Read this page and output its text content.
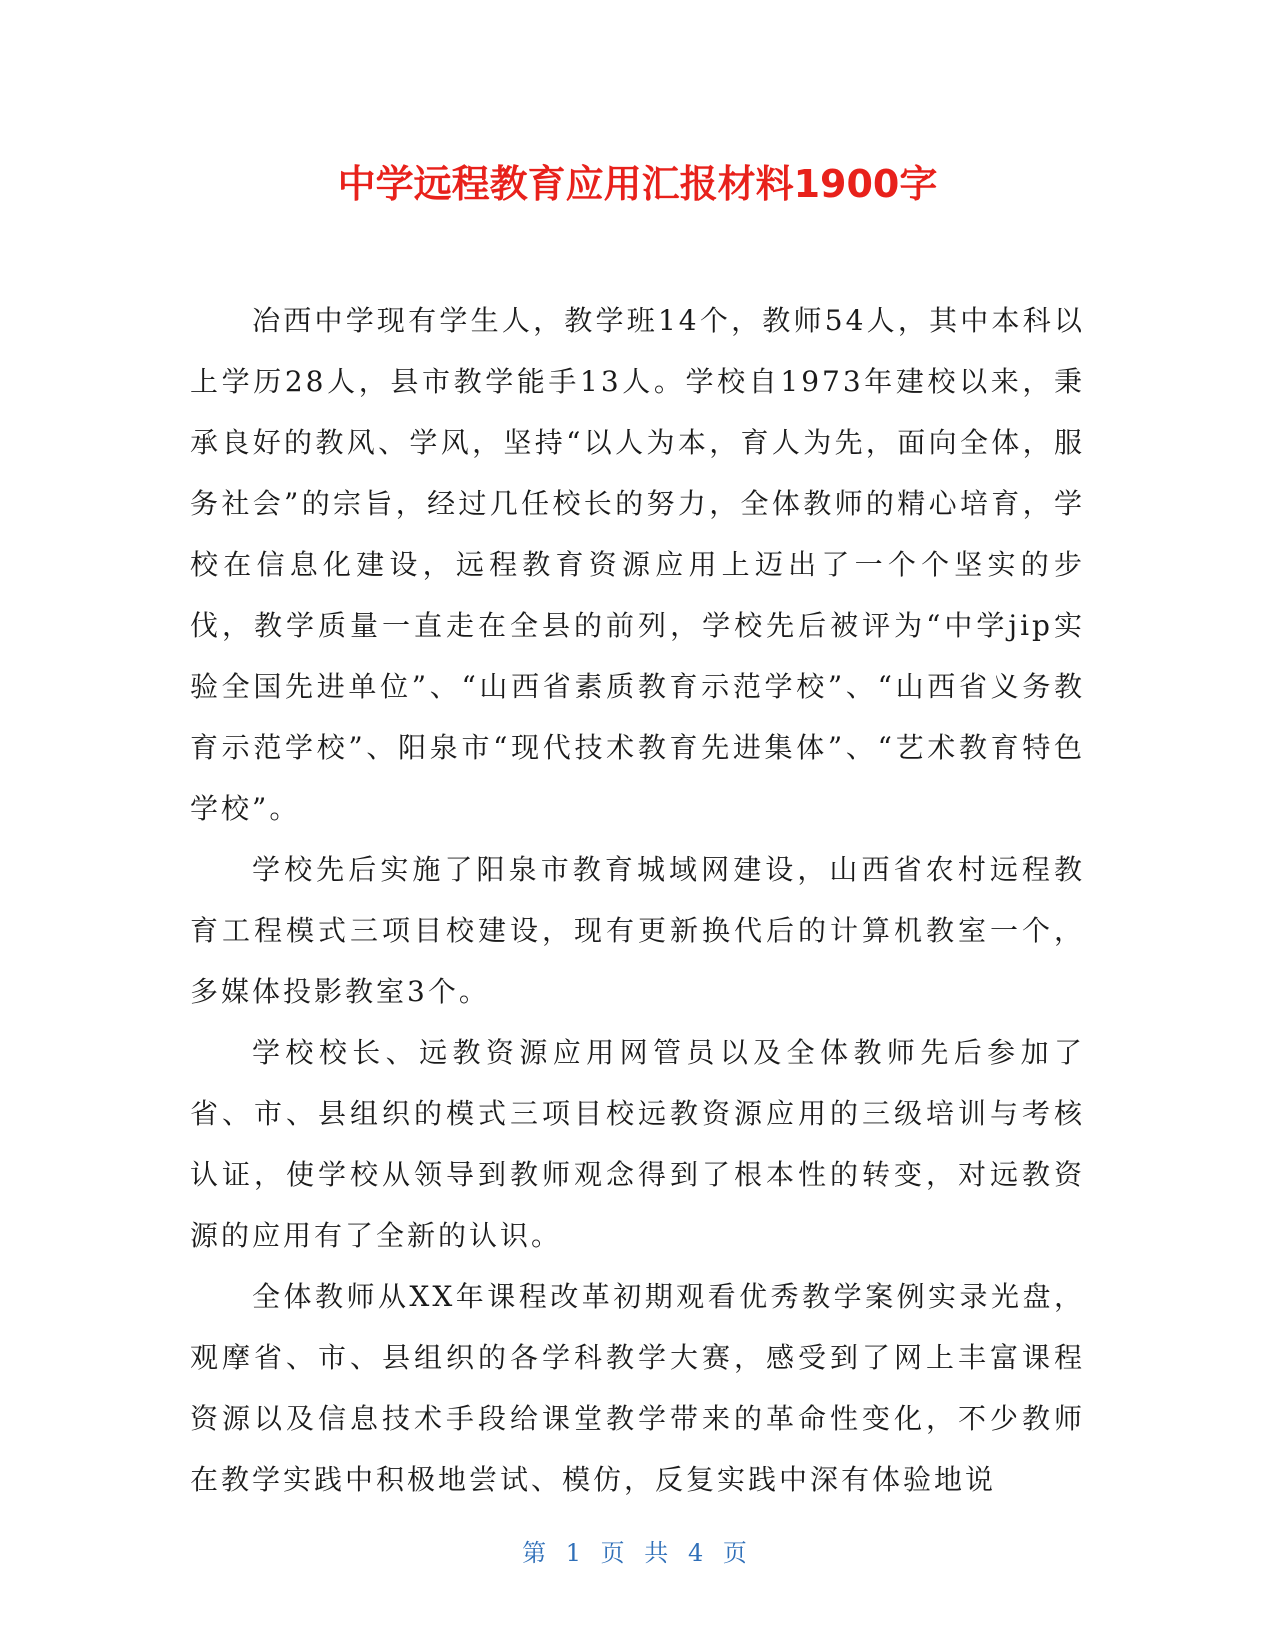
中学远程教育应用汇报材料1900字

冶西中学现有学生人，教学班14个，教师54人，其中本科以上学历28人，县市教学能手13人。学校自1973年建校以来，秉承良好的教风、学风，坚持“以人为本，育人为先，面向全体，服务社会”的宗旨，经过几任校长的努力，全体教师的精心培育，学校在信息化建设，远程教育资源应用上迈出了一个个坚实的步伐，教学质量一直走在全县的前列，学校先后被评为“中学jip实验全国先进单位”、“山西省素质教育示范学校”、“山西省义务教育示范学校”、阳泉市“现代技术教育先进集体”、“艺术教育特色学校”。

学校先后实施了阳泉市教育城域网建设，山西省农村远程教育工程模式三项目校建设，现有更新换代后的计算机教室一个，多媒体投影教室3个。

学校校长、远教资源应用网管员以及全体教师先后参加了省、市、县组织的模式三项目校远教资源应用的三级培训与考核认证，使学校从领导到教师观念得到了根本性的转变，对远教资源的应用有了全新的认识。

全体教师从XX年课程改革初期观看优秀教学案例实录光盘，观摩省、市、县组织的各学科教学大赛，感受到了网上丰富课程资源以及信息技术手段给课堂教学带来的革命性变化，不少教师在教学实践中积极地尝试、模仿，反复实践中深有体验地说

第 1 页 共 4 页
